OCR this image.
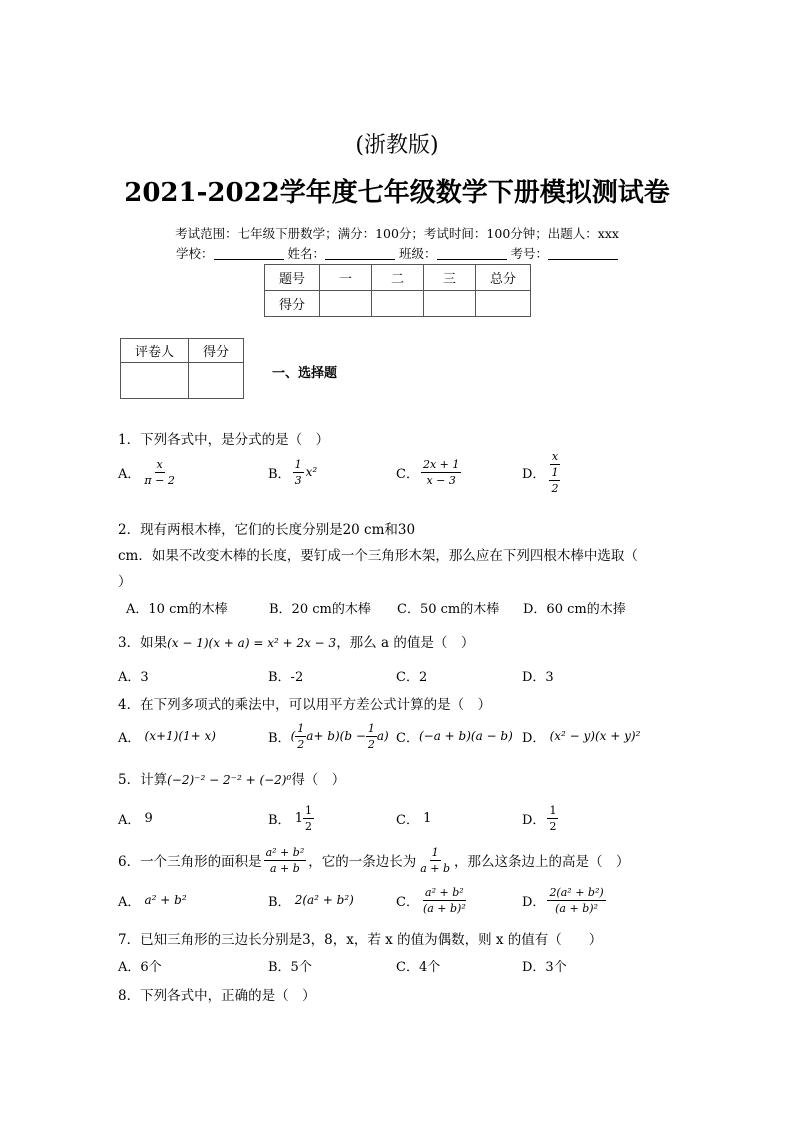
(浙教版)
2021-2022学年度七年级数学下册模拟测试卷
考试范围：七年级下册数学；满分：100分；考试时间：100分钟；出题人：xxx
学校：	姓名：	班级：	考号：
题号	一	二	三	总分
得分				
评卷人	得分

一、选择题
1．下列各式中，是分式的是（　）
A． $\frac{x}{\pi - 2}$	B． $\frac{1}{3} x^2$	C． $\frac{2x + 1}{x - 3}$	D． $\frac{x}{\frac{1}{2}}$
2．现有两根木棒，它们的长度分别是20 cm和30
cm．如果不改变木棒的长度，要钉成一个三角形木架，那么应在下列四根木棒中选取（
）
A．10 cm的木棒	B．20 cm的木棒	C．50 cm的木棒	D．60 cm的木捧
3．如果(x − 1)(x + a) = x² + 2x − 3，那么 a 的值是（　）
A．3	B．-2	C．2	D．3
4．在下列多项式的乘法中，可以用平方差公式计算的是（　）
A．
(x+1)(1+ x)	B． ( $\frac{1}{2} a+ b)(b - \frac{1}{2} a)$ C． (−a + b)(a − b) D．
(x² − y)(x + y)²
5．计算(−2)⁻² − 2⁻² + (−2)⁰得（　）
A．
9	B．
$1 \frac{1}{2}$	C．
1	D． $\frac{1}{2}$
6．一个三角形的面积是 $\frac{\text{a² + b²}}{a + b}$ ，它的一条边长为 $\frac{1}{a + b}$ ，那么这条边上的高是（　）
A．
a² + b²	B．
2(a² + b²)	C． $\frac{\text{a² + b²}}{\text{(a + b)²}}$	D． $\frac{\text{2(a² + b²)}}{\text{(a + b)²}}$
7．已知三角形的三边长分别是3，8，x，若 x 的值为偶数，则 x 的值有（　　）
A．6个	B．5个	C．4个	D．3个
8．下列各式中，正确的是（　）
